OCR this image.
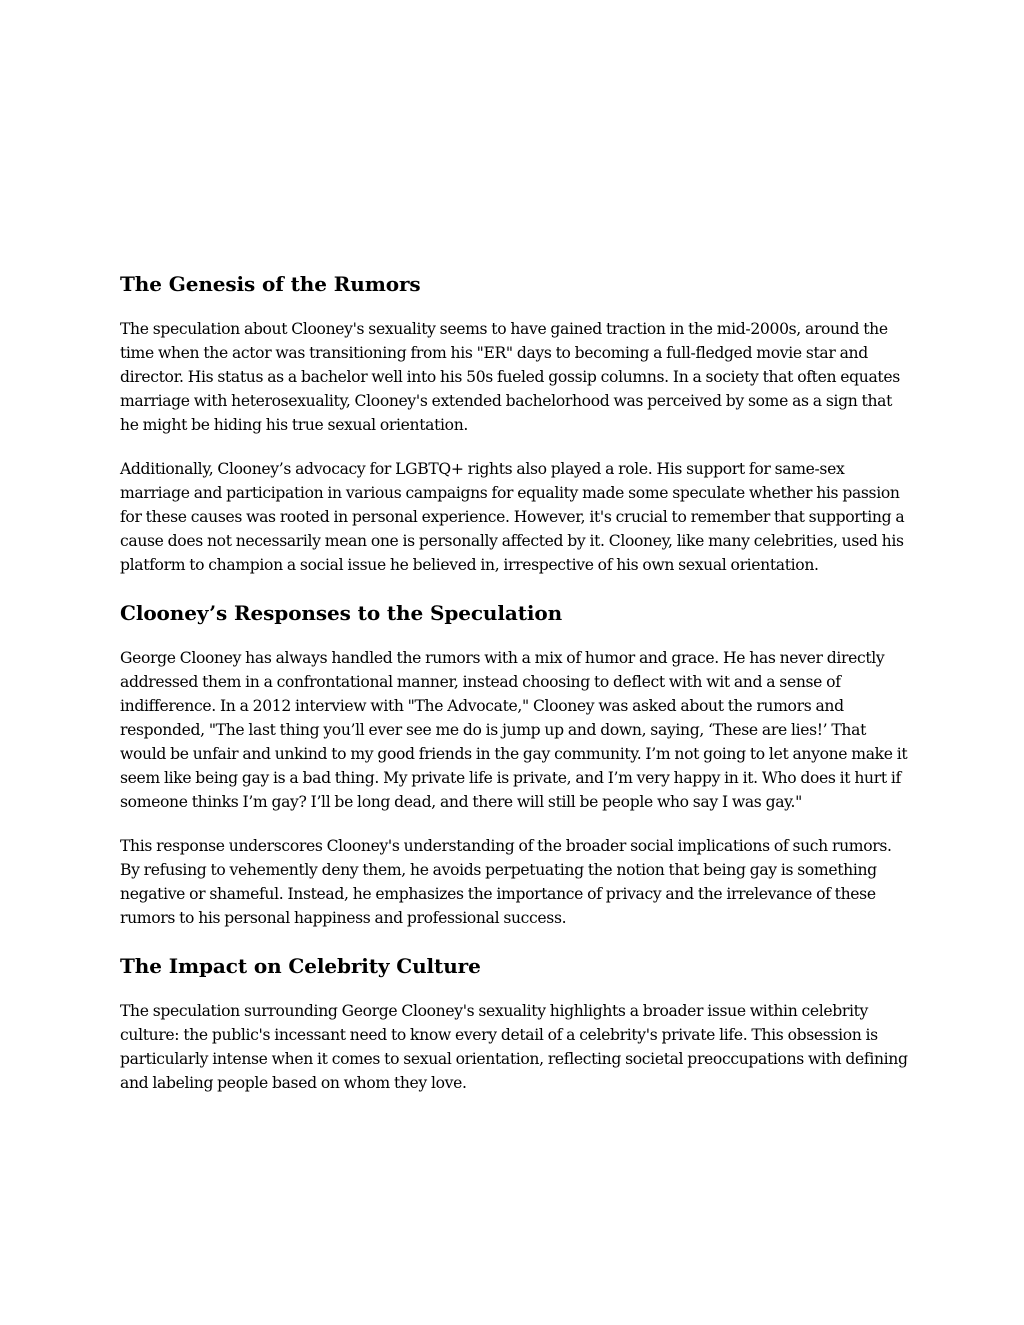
The Genesis of the Rumors

The speculation about Clooney's sexuality seems to have gained traction in the mid-2000s, around the time when the actor was transitioning from his "ER" days to becoming a full-fledged movie star and director. His status as a bachelor well into his 50s fueled gossip columns. In a society that often equates marriage with heterosexuality, Clooney's extended bachelorhood was perceived by some as a sign that he might be hiding his true sexual orientation.

Additionally, Clooney’s advocacy for LGBTQ+ rights also played a role. His support for same-sex marriage and participation in various campaigns for equality made some speculate whether his passion for these causes was rooted in personal experience. However, it's crucial to remember that supporting a cause does not necessarily mean one is personally affected by it. Clooney, like many celebrities, used his platform to champion a social issue he believed in, irrespective of his own sexual orientation.

Clooney’s Responses to the Speculation

George Clooney has always handled the rumors with a mix of humor and grace. He has never directly addressed them in a confrontational manner, instead choosing to deflect with wit and a sense of indifference. In a 2012 interview with "The Advocate," Clooney was asked about the rumors and responded, "The last thing you’ll ever see me do is jump up and down, saying, ‘These are lies!’ That would be unfair and unkind to my good friends in the gay community. I’m not going to let anyone make it seem like being gay is a bad thing. My private life is private, and I’m very happy in it. Who does it hurt if someone thinks I’m gay? I’ll be long dead, and there will still be people who say I was gay."

This response underscores Clooney's understanding of the broader social implications of such rumors. By refusing to vehemently deny them, he avoids perpetuating the notion that being gay is something negative or shameful. Instead, he emphasizes the importance of privacy and the irrelevance of these rumors to his personal happiness and professional success.

The Impact on Celebrity Culture

The speculation surrounding George Clooney's sexuality highlights a broader issue within celebrity culture: the public's incessant need to know every detail of a celebrity's private life. This obsession is particularly intense when it comes to sexual orientation, reflecting societal preoccupations with defining and labeling people based on whom they love.
